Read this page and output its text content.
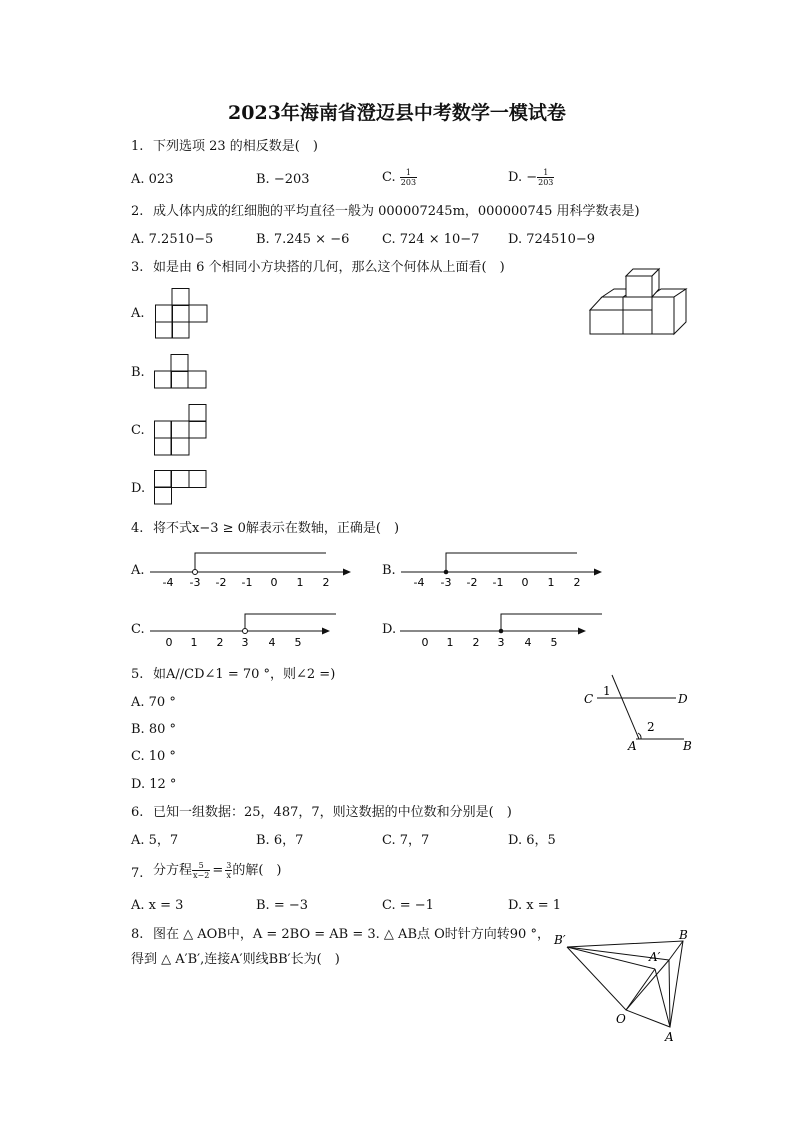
2023年海南省澄迈县中考数学一模试卷
1. 下列选项 23 的相反数是(　)
A. 023	B. −203	C. $\frac{1}{203}$	D. − $\frac{1}{203}$
2. 成人体内成的红细胞的平均直径一般为 000007245m，000000745 用科学数表是)
A. 7.2510−5	B. 7.245 × −6	C. 724 × 10−7 D. 724510−9
3. 如是由 6 个相同小方块搭的几何，那么这个何体从上面看(　)
A.
B.
C.
D.
4. 将不式x−3 ≥ 0解表示在数轴，正确是(　)
A.
-4 -3 -2 -1 0 1 2
B.
-4 -3 -2 -1 0 1 2
C.
0 1 2 3 4 5
D.
0 1 2 3 4 5
5. 如A//CD∠1 = 70 °，则∠2 =)
A. 70 °
B. 80 °
C. 10 °
D. 12 °
C	D
A	B
1
2
6. 已知一组数据：25，487，7，则这数据的中位数和分别是(　)
A. 5，7	B. 6，7	C. 7，7	D. 6，5
7. 分方程 $\frac{5}{x-2} = \frac{3}{x}$ 的解(　)
A. x = 3	B. = −3	C. = −1	D. x = 1
8. 图在 △ AOB中，A = 2BO = AB = 3. △ AB点 O时针方向转90 °，
得到 △ A′B′,连接A′则线BB′长为(　)
B′	B
A′
O
A
